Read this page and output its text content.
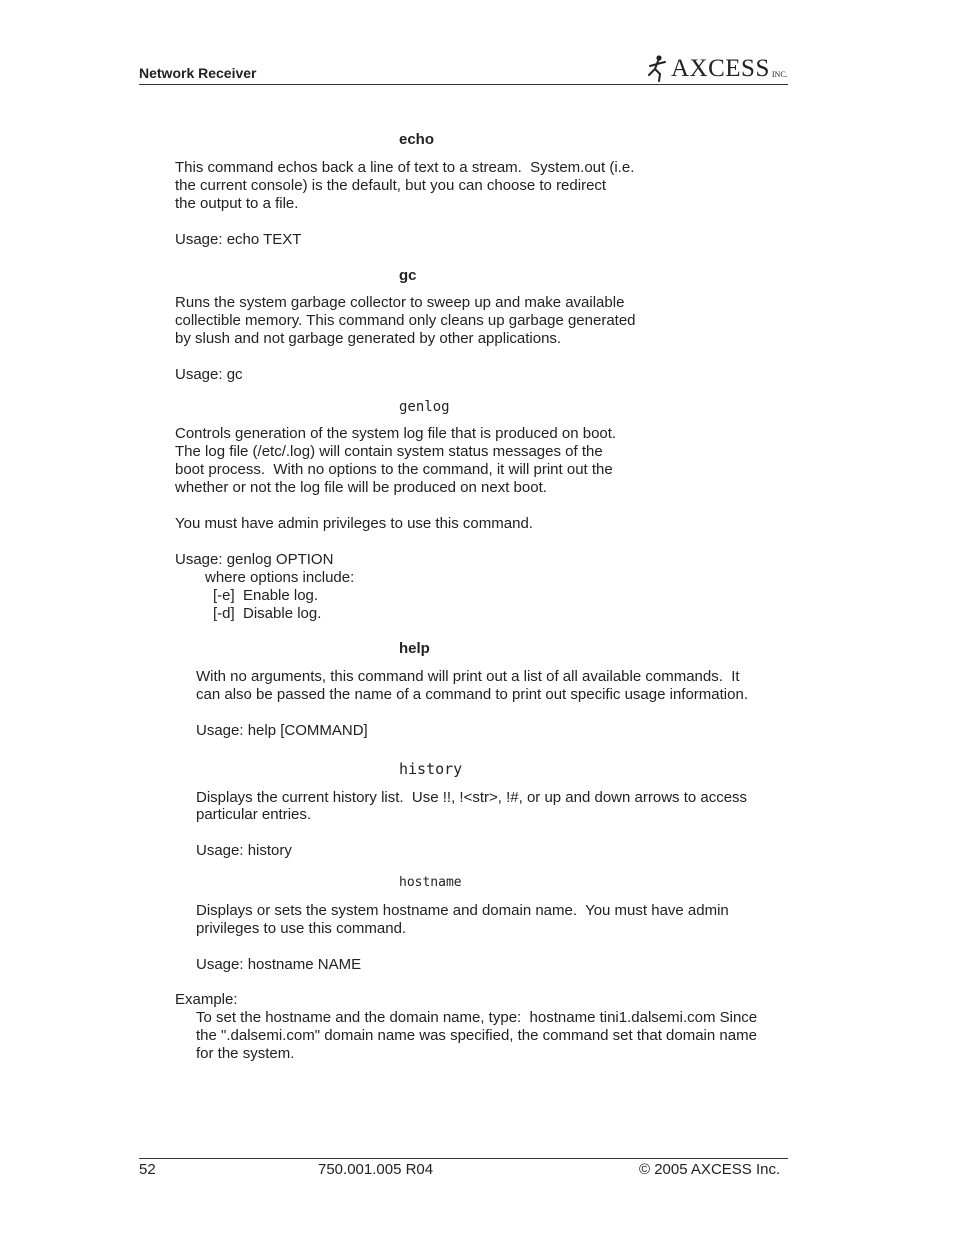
Network Receiver	AXCESS INC.
echo
This command echos back a line of text to a stream.  System.out (i.e.
the current console) is the default, but you can choose to redirect
the output to a file.
Usage: echo TEXT
gc
Runs the system garbage collector to sweep up and make available
collectible memory. This command only cleans up garbage generated
by slush and not garbage generated by other applications.
Usage: gc
genlog
Controls generation of the system log file that is produced on boot.
The log file (/etc/.log) will contain system status messages of the
boot process.  With no options to the command, it will print out the
whether or not the log file will be produced on next boot.
You must have admin privileges to use this command.
Usage: genlog OPTION
where options include:
[-e]  Enable log.
[-d]  Disable log.
help
With no arguments, this command will print out a list of all available commands.  It
can also be passed the name of a command to print out specific usage information.
Usage: help [COMMAND]
history
Displays the current history list.  Use !!, !<str>, !#, or up and down arrows to access
particular entries.
Usage: history
hostname
Displays or sets the system hostname and domain name.  You must have admin
privileges to use this command.
Usage: hostname NAME
Example:
To set the hostname and the domain name, type:  hostname tini1.dalsemi.com Since
the ".dalsemi.com" domain name was specified, the command set that domain name
for the system.
52	750.001.005 R04	© 2005 AXCESS Inc.
